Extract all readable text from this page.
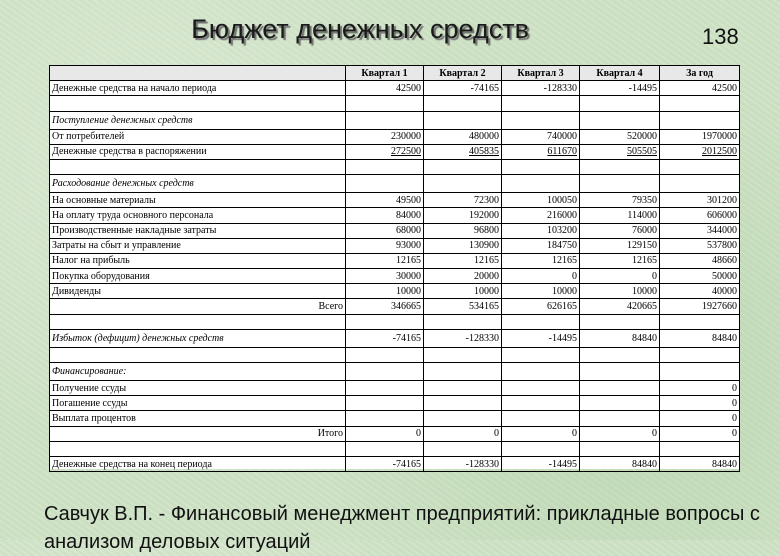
Бюджет денежных средств	138
	Квартал 1	Квартал 2	Квартал 3	Квартал 4	За год
Денежные средства на начало периода	42500	-74165	-128330	-14495	42500

Поступление денежных средств					
От потребителей	230000	480000	740000	520000	1970000
Денежные средства в распоряжении	272500	405835	611670	505505	2012500

Расходование денежных средств					
На основные материалы	49500	72300	100050	79350	301200
На оплату труда основного персонала	84000	192000	216000	114000	606000
Производственные накладные затраты	68000	96800	103200	76000	344000
Затраты на сбыт и управление	93000	130900	184750	129150	537800
Налог на прибыль	12165	12165	12165	12165	48660
Покупка оборудования	30000	20000	0	0	50000
Дивиденды	10000	10000	10000	10000	40000
Всего	346665	534165	626165	420665	1927660

Избыток (дефицит) денежных средств	-74165	-128330	-14495	84840	84840

Финансирование:					
Получение ссуды					0
Погашение ссуды					0
Выплата процентов					0
Итого	0	0	0	0	0

Денежные средства на конец периода	-74165	-128330	-14495	84840	84840

Савчук В.П. - Финансовый менеджмент предприятий: прикладные вопросы с анализом деловых ситуаций
